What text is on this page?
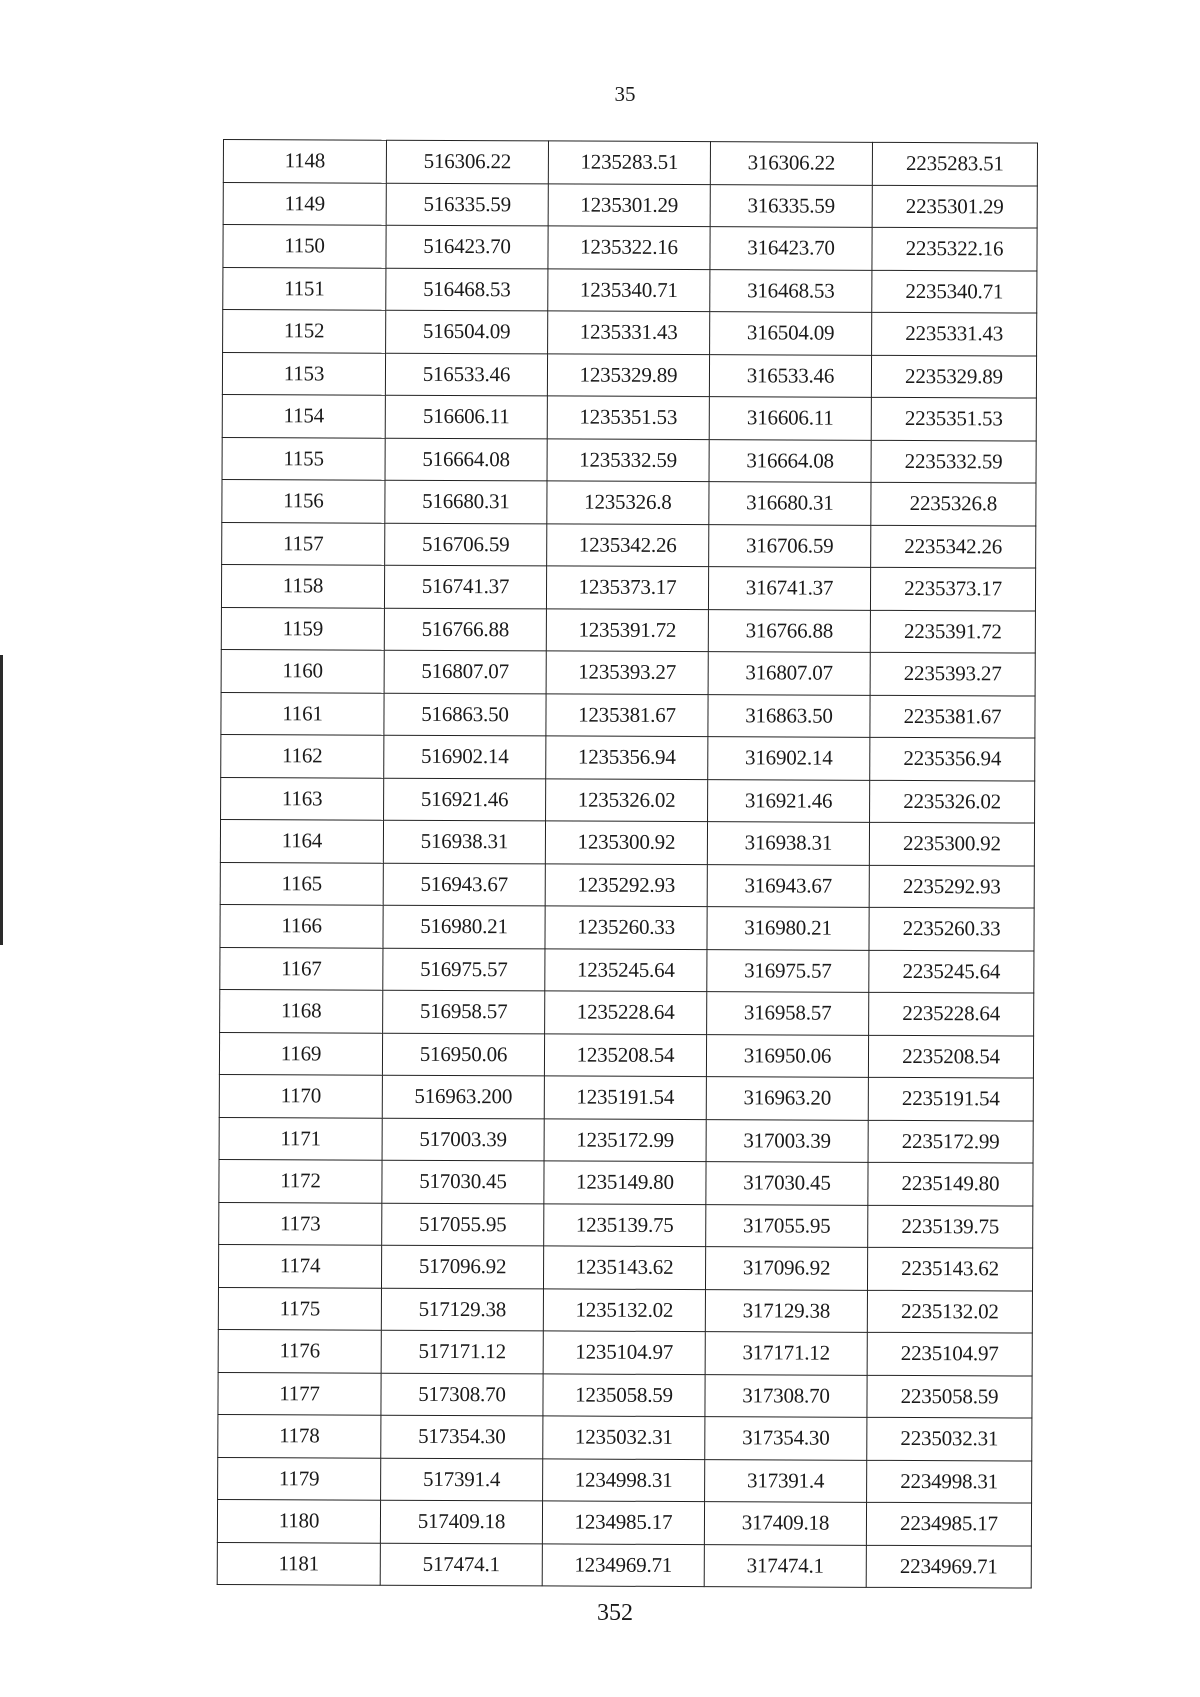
35
1148	516306.22	1235283.51	316306.22	2235283.51
1149	516335.59	1235301.29	316335.59	2235301.29
1150	516423.70	1235322.16	316423.70	2235322.16
1151	516468.53	1235340.71	316468.53	2235340.71
1152	516504.09	1235331.43	316504.09	2235331.43
1153	516533.46	1235329.89	316533.46	2235329.89
1154	516606.11	1235351.53	316606.11	2235351.53
1155	516664.08	1235332.59	316664.08	2235332.59
1156	516680.31	1235326.8	316680.31	2235326.8
1157	516706.59	1235342.26	316706.59	2235342.26
1158	516741.37	1235373.17	316741.37	2235373.17
1159	516766.88	1235391.72	316766.88	2235391.72
1160	516807.07	1235393.27	316807.07	2235393.27
1161	516863.50	1235381.67	316863.50	2235381.67
1162	516902.14	1235356.94	316902.14	2235356.94
1163	516921.46	1235326.02	316921.46	2235326.02
1164	516938.31	1235300.92	316938.31	2235300.92
1165	516943.67	1235292.93	316943.67	2235292.93
1166	516980.21	1235260.33	316980.21	2235260.33
1167	516975.57	1235245.64	316975.57	2235245.64
1168	516958.57	1235228.64	316958.57	2235228.64
1169	516950.06	1235208.54	316950.06	2235208.54
1170	516963.200	1235191.54	316963.20	2235191.54
1171	517003.39	1235172.99	317003.39	2235172.99
1172	517030.45	1235149.80	317030.45	2235149.80
1173	517055.95	1235139.75	317055.95	2235139.75
1174	517096.92	1235143.62	317096.92	2235143.62
1175	517129.38	1235132.02	317129.38	2235132.02
1176	517171.12	1235104.97	317171.12	2235104.97
1177	517308.70	1235058.59	317308.70	2235058.59
1178	517354.30	1235032.31	317354.30	2235032.31
1179	517391.4	1234998.31	317391.4	2234998.31
1180	517409.18	1234985.17	317409.18	2234985.17
1181	517474.1	1234969.71	317474.1	2234969.71
352
